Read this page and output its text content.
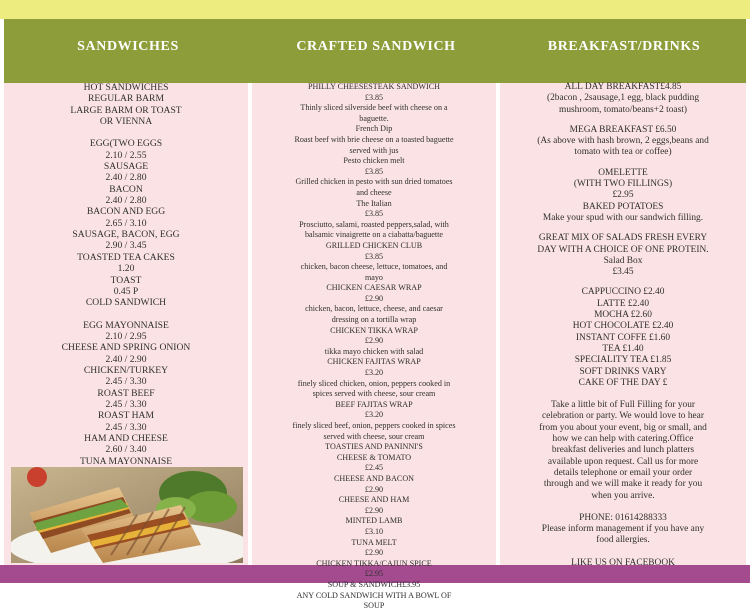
SANDWICHES	CRAFTED SANDWICH	BREAKFAST/DRINKS
HOT SANDWICHES
REGULAR BARM
LARGE BARM OR TOAST
OR VIENNA
EGG(TWO EGGS
2.10 / 2.55
SAUSAGE
2.40 / 2.80
BACON
2.40 / 2.80
BACON AND EGG
2.65 / 3.10
SAUSAGE, BACON, EGG
2.90 / 3.45
TOASTED TEA CAKES
1.20
TOAST
0.45 P
COLD SANDWICH
EGG MAYONNAISE
2.10 / 2.95
CHEESE AND SPRING ONION
2.40 / 2.90
CHICKEN/TURKEY
2.45 / 3.30
ROAST BEEF
2.45 / 3.30
ROAST HAM
2.45 / 3.30
HAM AND CHEESE
2.60 / 3.40
TUNA MAYONNAISE
PHILLY CHEESESTEAK SANDWICH
£3.85
Thinly sliced silverside beef with cheese on a
baguette.
French Dip
Roast beef with brie cheese on a toasted baguette
served with jus
Pesto chicken melt
£3.85
Grilled chicken in pesto with sun dried tomatoes
and cheese
The Italian
£3.85
Prosciutto, salami, roasted peppers,salad, with
balsamic vinaigrette on a ciabatta/baguette
GRILLED CHICKEN CLUB
£3.85
chicken, bacon cheese, lettuce, tomatoes, and
mayo
CHICKEN CAESAR WRAP
£2.90
chicken, bacon, lettuce, cheese, and caesar
dressing on a tortilla wrap
CHICKEN TIKKA WRAP
£2.90
tikka mayo chicken with salad
CHICKEN FAJITAS WRAP
£3.20
finely sliced chicken, onion, peppers cooked in
spices served with cheese, sour cream
BEEF FAJITAS WRAP
£3.20
finely sliced beef, onion, peppers cooked in spices
served with cheese, sour cream
TOASTIES AND PANINNI'S
CHEESE & TOMATO
£2.45
CHEESE AND BACON
£2.90
CHEESE AND HAM
£2.90
MINTED LAMB
£3.10
TUNA MELT
£2.90
CHICKEN TIKKA/CAJUN SPICE
£2.95
SOUP & SANDWICH£3.95
ANY COLD SANDWICH WITH A BOWL OF
SOUP
ALL DAY BREAKFAST£4.85
(2bacon , 2sausage,1 egg, black pudding
mushroom, tomato/beans+2 toast)
MEGA BREAKFAST £6.50
(As above with hash brown, 2 eggs,beans and
tomato with tea or coffee)
OMELETTE
(WITH TWO FILLINGS)
£2.95
BAKED POTATOES
Make your spud with our sandwich filling.
GREAT MIX OF SALADS FRESH EVERY
DAY WITH A CHOICE OF ONE PROTEIN.
Salad Box
£3.45
CAPPUCCINO £2.40
LATTE £2.40
MOCHA £2.60
HOT CHOCOLATE £2.40
INSTANT COFFE £1.60
TEA £1.40
SPECIALITY TEA £1.85
SOFT DRINKS VARY
CAKE OF THE DAY £
Take a little bit of Full Filling for your
celebration or party. We would love to hear
from you about your event, big or small, and
how we can help with catering.Office
breakfast deliveries and lunch platters
available upon request. Call us for more
details telephone or email your order
through and we will make it ready for you
when you arrive.
PHONE: 01614288333
Please inform management if you have any
food allergies.
LIKE US ON FACEBOOK
